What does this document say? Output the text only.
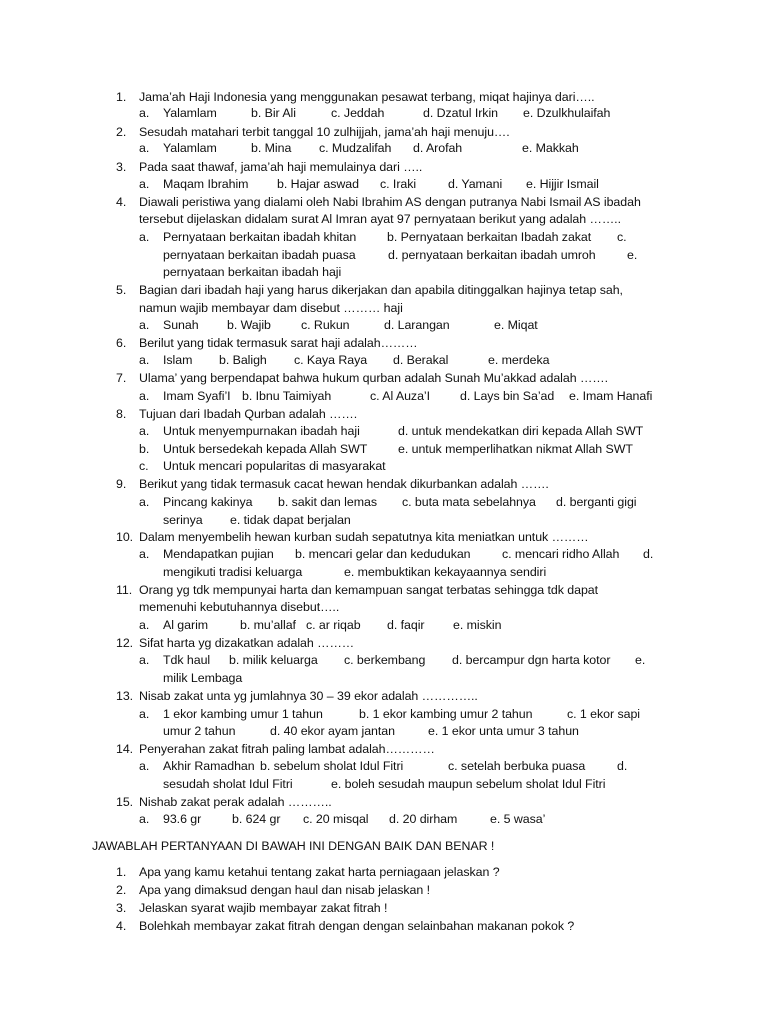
1. Jama’ah Haji Indonesia yang menggunakan pesawat terbang, miqat hajinya dari…..
a. Yalamlam	b. Bir Ali	c. Jeddah	d. Dzatul Irkin e. Dzulkhulaifah
2. Sesudah matahari terbit tanggal 10 zulhijjah, jama’ah haji menuju….
a. Yalamlam	b. Mina c. Mudzalifah d. Arofah	e. Makkah
3. Pada saat thawaf, jama’ah haji memulainya dari …..
a. Maqam Ibrahim b. Hajar aswad c. Iraki	d. Yamani e. Hijjir Ismail
4. Diawali peristiwa yang dialami oleh Nabi Ibrahim AS dengan putranya Nabi Ismail AS ibadah
tersebut dijelaskan didalam surat Al Imran ayat 97 pernyataan berikut yang adalah ……..
a. Pernyataan berkaitan ibadah khitan b. Pernyataan berkaitan Ibadah zakat c.
pernyataan berkaitan ibadah puasa	d. pernyataan berkaitan ibadah umroh	e.
pernyataan berkaitan ibadah haji
5. Bagian dari ibadah haji yang harus dikerjakan dan apabila ditinggalkan hajinya tetap sah,
namun wajib membayar dam disebut ……… haji
a. Sunah b. Wajib c. Rukun	d. Larangan	e. Miqat
6. Berilut yang tidak termasuk sarat haji adalah………
a. Islam b. Baligh c. Kaya Raya d. Berakal	e. merdeka
7. Ulama’ yang berpendapat bahwa hukum qurban adalah Sunah Mu’akkad adalah …….
a. Imam Syafi’I b. Ibnu Taimiyah	c. Al Auza’I d. Lays bin Sa’ad e. Imam Hanafi
8. Tujuan dari Ibadah Qurban adalah …….
a. Untuk menyempurnakan ibadah haji	d. untuk mendekatkan diri kepada Allah SWT
b. Untuk bersedekah kepada Allah SWT e. untuk memperlihatkan nikmat Allah SWT
c. Untuk mencari popularitas di masyarakat
9. Berikut yang tidak termasuk cacat hewan hendak dikurbankan adalah …….
a. Pincang kakinya b. sakit dan lemas c. buta mata sebelahnya d. berganti gigi
serinya e. tidak dapat berjalan
10. Dalam menyembelih hewan kurban sudah sepatutnya kita meniatkan untuk ………
a. Mendapatkan pujian b. mencari gelar dan kedudukan	c. mencari ridho Allah d.
mengikuti tradisi keluarga	e. membuktikan kekayaannya sendiri
11. Orang yg tdk mempunyai harta dan kemampuan sangat terbatas sehingga tdk dapat
memenuhi kebutuhannya disebut…..
a. Al garim	b. mu’allaf c. ar riqab d. faqir e. miskin
12. Sifat harta yg dizakatkan adalah ………
a. Tdk haul b. milik keluarga c. berkembang d. bercampur dgn harta kotor e.
milik Lembaga
13. Nisab zakat unta yg jumlahnya 30 – 39 ekor adalah …………..
a. 1 ekor kambing umur 1 tahun	b. 1 ekor kambing umur 2 tahun	c. 1 ekor sapi
umur 2 tahun	d. 40 ekor ayam jantan	e. 1 ekor unta umur 3 tahun
14. Penyerahan zakat fitrah paling lambat adalah…………
a. Akhir Ramadhan b. sebelum sholat Idul Fitri	c. setelah berbuka puasa	d.
sesudah sholat Idul Fitri	e. boleh sesudah maupun sebelum sholat Idul Fitri
15. Nishab zakat perak adalah ………..
a. 93.6 gr b. 624 gr c. 20 misqal d. 20 dirham	e. 5 wasa’
JAWABLAH PERTANYAAN DI BAWAH INI DENGAN BAIK DAN BENAR !
1. Apa yang kamu ketahui tentang zakat harta perniagaan jelaskan ?
2. Apa yang dimaksud dengan haul dan nisab jelaskan !
3. Jelaskan syarat wajib membayar zakat fitrah !
4. Bolehkah membayar zakat fitrah dengan dengan selainbahan makanan pokok ?
